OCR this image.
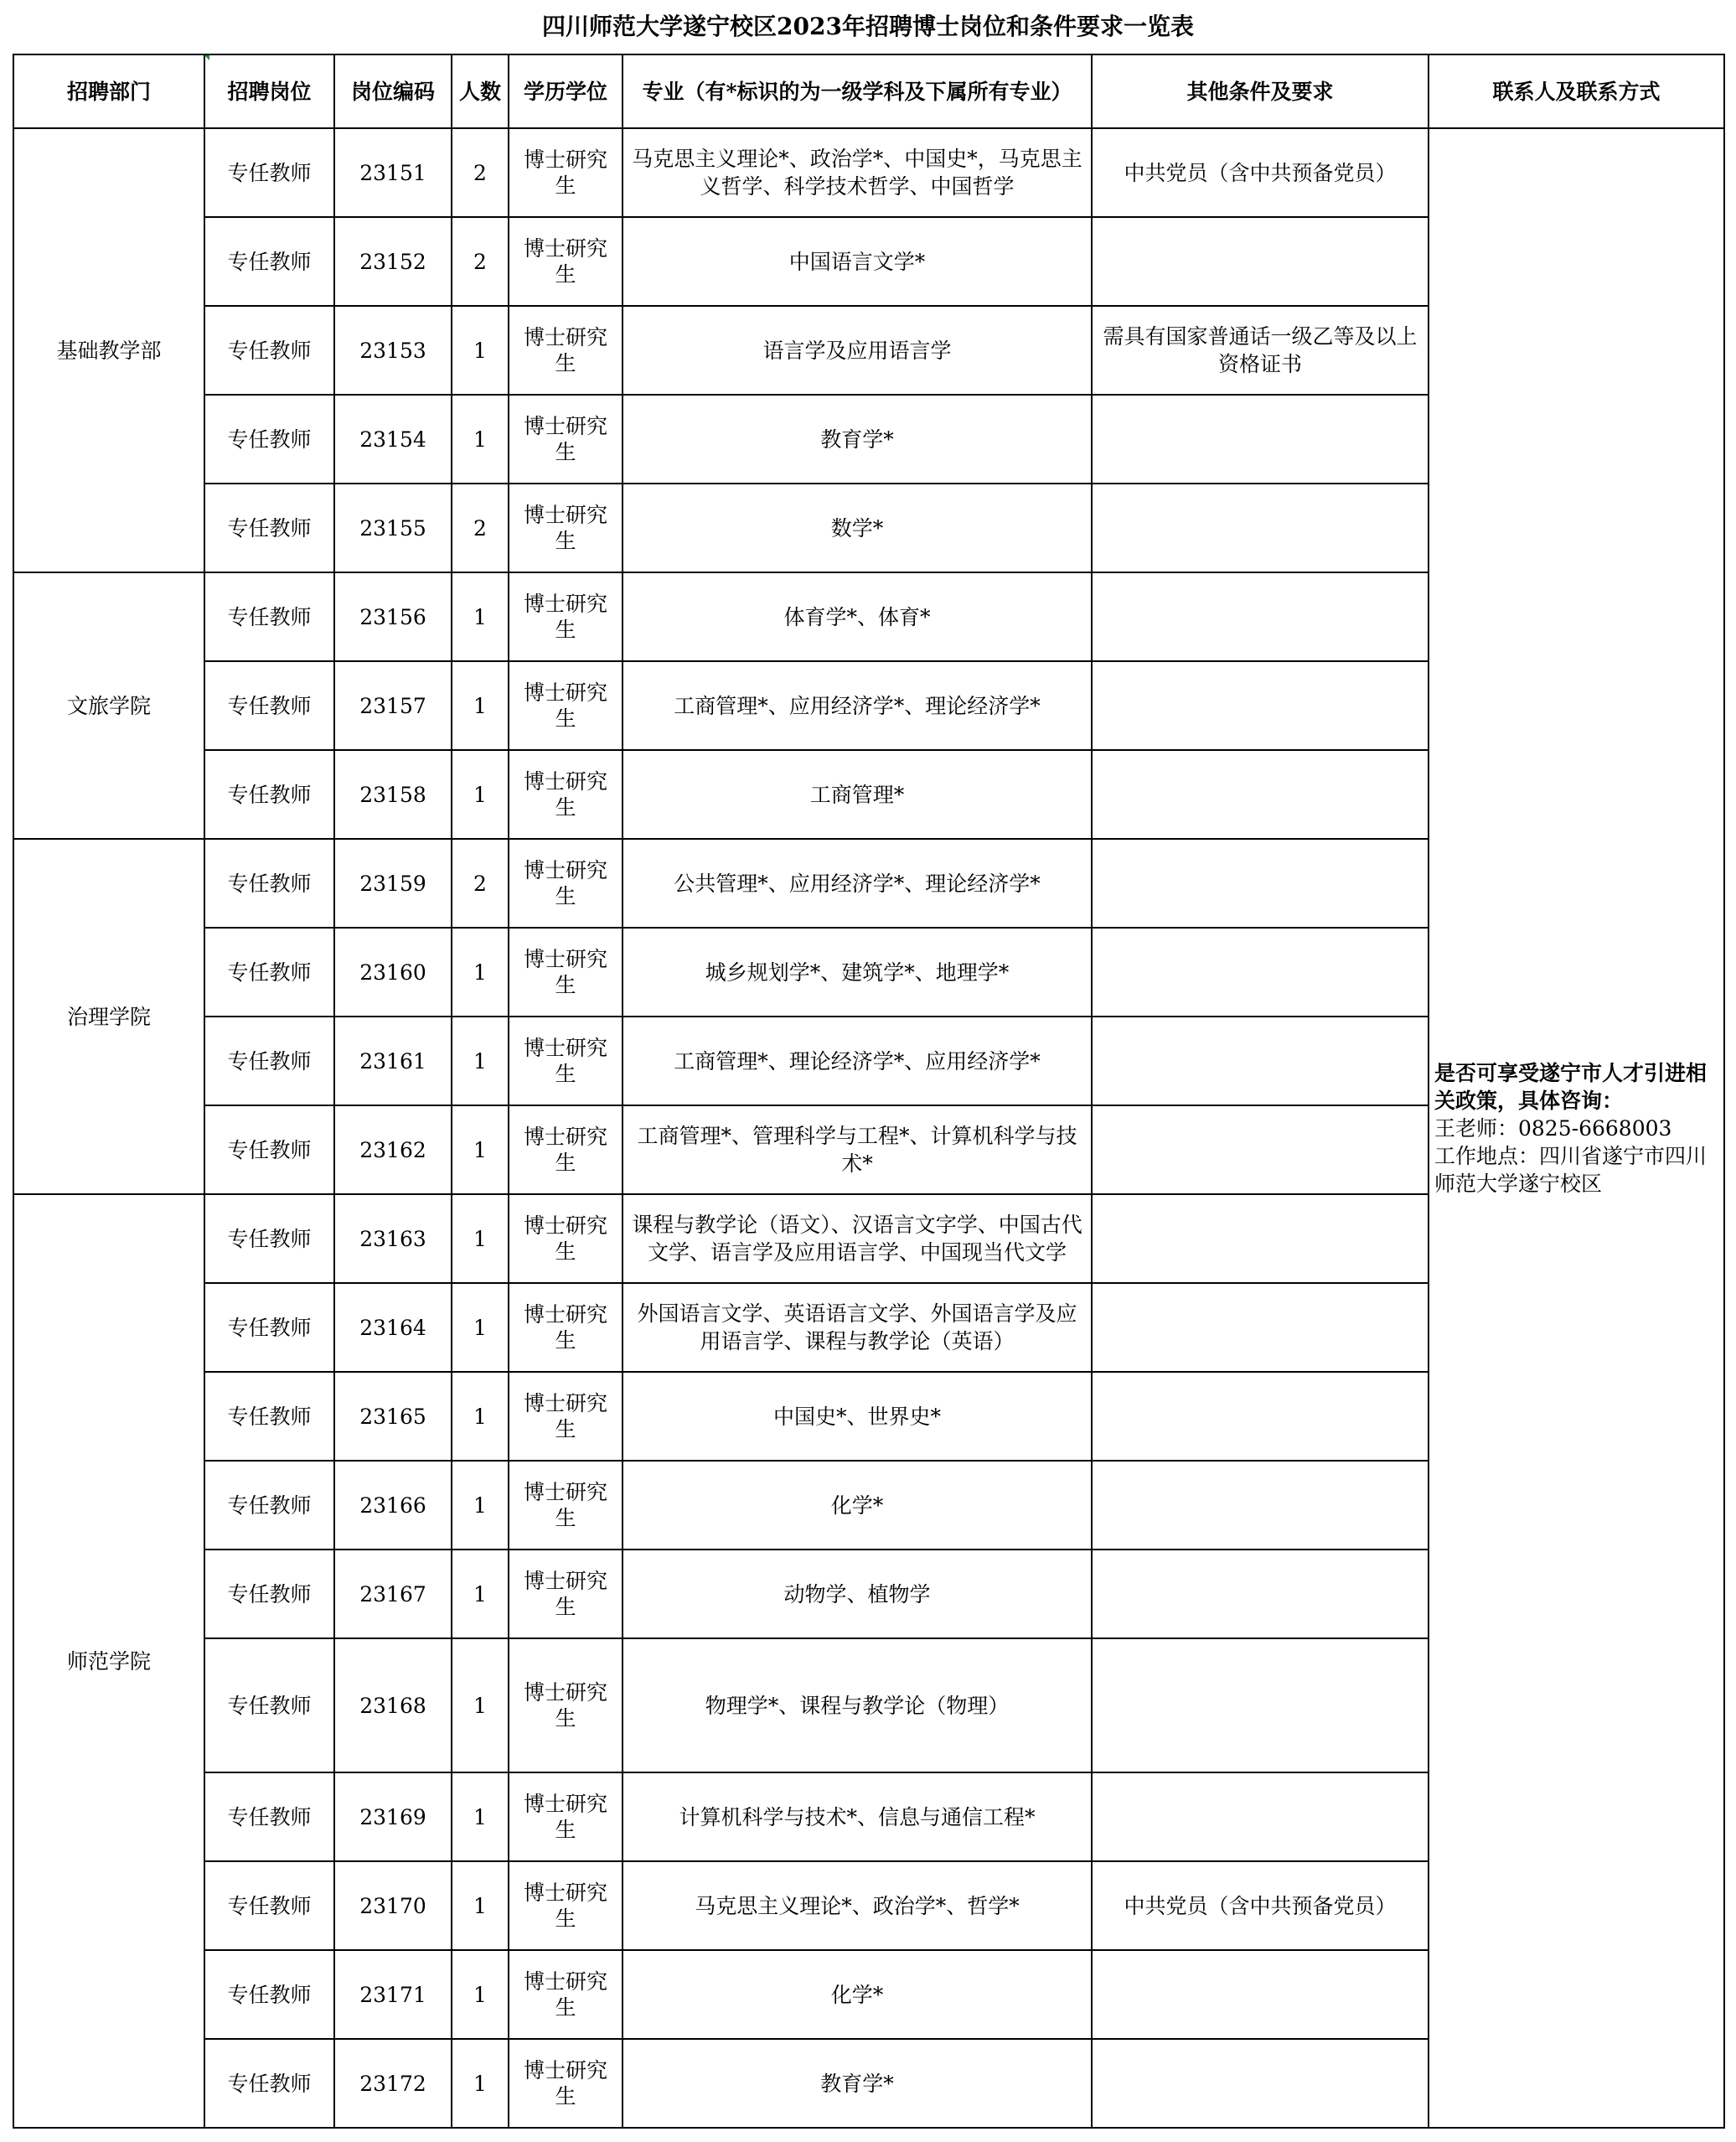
四川师范大学遂宁校区2023年招聘博士岗位和条件要求一览表
招聘部门	招聘岗位	岗位编码	人数	学历学位	专业（有*标识的为一级学科及下属所有专业）	其他条件及要求	联系人及联系方式
基础教学部	专任教师	23151	2	博士研究生	马克思主义理论*、政治学*、中国史*，马克思主义哲学、科学技术哲学、中国哲学	中共党员（含中共预备党员）	是否可享受遂宁市人才引进相关政策，具体咨询：
王老师：0825-6668003
工作地点：四川省遂宁市四川师范大学遂宁校区

	专任教师	23152	2	博士研究生	中国语言文学*		
	专任教师	23153	1	博士研究生	语言学及应用语言学	需具有国家普通话一级乙等及以上资格证书	
	专任教师	23154	1	博士研究生	教育学*		
	专任教师	23155	2	博士研究生	数学*		
文旅学院	专任教师	23156	1	博士研究生	体育学*、体育*		
	专任教师	23157	1	博士研究生	工商管理*、应用经济学*、理论经济学*		
	专任教师	23158	1	博士研究生	工商管理*		
治理学院	专任教师	23159	2	博士研究生	公共管理*、应用经济学*、理论经济学*		
	专任教师	23160	1	博士研究生	城乡规划学*、建筑学*、地理学*		
	专任教师	23161	1	博士研究生	工商管理*、理论经济学*、应用经济学*		
	专任教师	23162	1	博士研究生	工商管理*、管理科学与工程*、计算机科学与技术*		
师范学院	专任教师	23163	1	博士研究生	课程与教学论（语文）、汉语言文字学、中国古代文学、语言学及应用语言学、中国现当代文学		
	专任教师	23164	1	博士研究生	外国语言文学、英语语言文学、外国语言学及应用语言学、课程与教学论（英语）		
	专任教师	23165	1	博士研究生	中国史*、世界史*		
	专任教师	23166	1	博士研究生	化学*		
	专任教师	23167	1	博士研究生	动物学、植物学		
	专任教师	23168	1	博士研究生	物理学*、课程与教学论（物理）		
	专任教师	23169	1	博士研究生	计算机科学与技术*、信息与通信工程*		
	专任教师	23170	1	博士研究生	马克思主义理论*、政治学*、哲学*	中共党员（含中共预备党员）	
	专任教师	23171	1	博士研究生	化学*		
	专任教师	23172	1	博士研究生	教育学*		
